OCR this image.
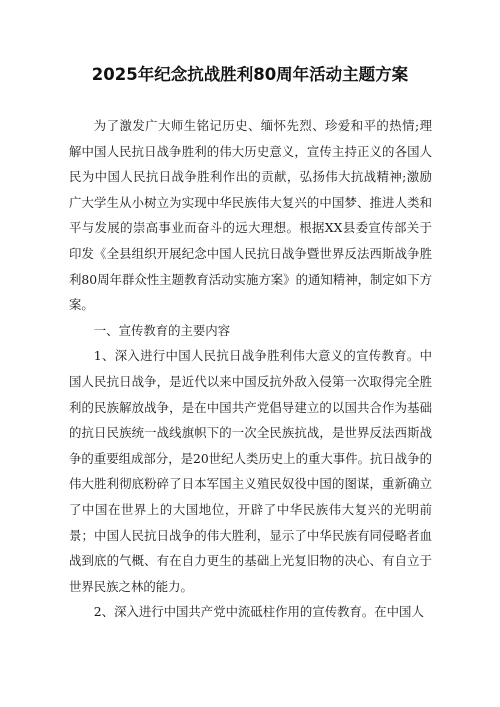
2025年纪念抗战胜利80周年活动主题方案

为了激发广大师生铭记历史、缅怀先烈、珍爱和平的热情;理解中国人民抗日战争胜利的伟大历史意义，宣传主持正义的各国人民为中国人民抗日战争胜利作出的贡献，弘扬伟大抗战精神;激励广大学生从小树立为实现中华民族伟大复兴的中国梦、推进人类和平与发展的崇高事业而奋斗的远大理想。根据XX县委宣传部关于印发《全县组织开展纪念中国人民抗日战争暨世界反法西斯战争胜利80周年群众性主题教育活动实施方案》的通知精神，制定如下方案。

一、宣传教育的主要内容

1、深入进行中国人民抗日战争胜利伟大意义的宣传教育。中国人民抗日战争，是近代以来中国反抗外敌入侵第一次取得完全胜利的民族解放战争，是在中国共产党倡导建立的以国共合作为基础的抗日民族统一战线旗帜下的一次全民族抗战，是世界反法西斯战争的重要组成部分，是20世纪人类历史上的重大事件。抗日战争的伟大胜利彻底粉碎了日本军国主义殖民奴役中国的图谋，重新确立了中国在世界上的大国地位，开辟了中华民族伟大复兴的光明前景；中国人民抗日战争的伟大胜利，显示了中华民族有同侵略者血战到底的气概、有在自力更生的基础上光复旧物的决心、有自立于世界民族之林的能力。

2、深入进行中国共产党中流砥柱作用的宣传教育。在中国人
